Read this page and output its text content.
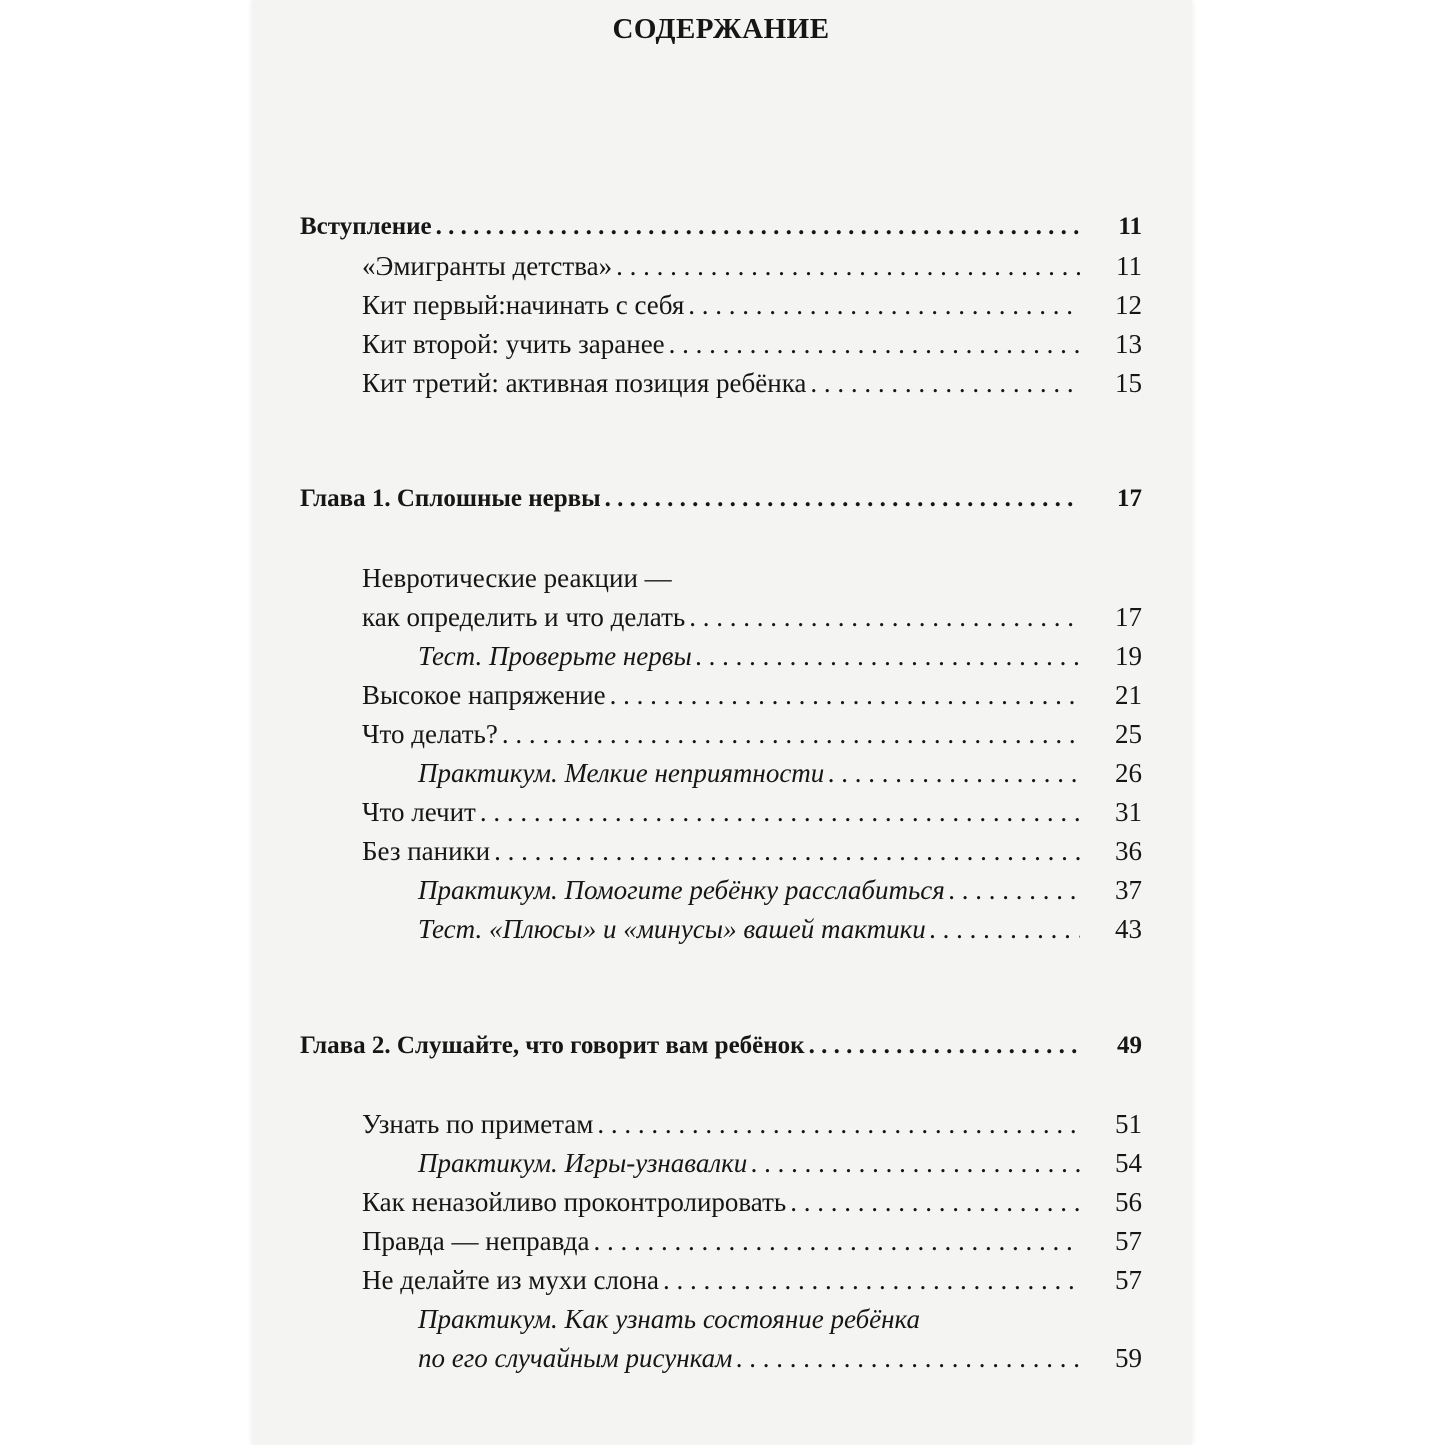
СОДЕРЖАНИЕ
Вступление . . .	11
«Эмигранты детства» . . .	11
Кит первый:начинать с себя . . .	12
Кит второй: учить заранее . . .	13
Кит третий: активная позиция ребёнка . . .	15
Глава 1. Сплошные нервы . . .	17
Невротические реакции —
как определить и что делать . . .	17
Тест. Проверьте нервы . . .	19
Высокое напряжение . . .	21
Что делать? . . .	25
Практикум. Мелкие неприятности . . .	26
Что лечит . . .	31
Без паники . . .	36
Практикум. Помогите ребёнку расслабиться . . .	37
Тест. «Плюсы» и «минусы» вашей тактики . . .	43
Глава 2. Слушайте, что говорит вам ребёнок . . .	49
Узнать по приметам . . .	51
Практикум. Игры-узнавалки . . .	54
Как неназойливо проконтролировать . . .	56
Правда — неправда . . .	57
Не делайте из мухи слона . . .	57
Практикум. Как узнать состояние ребёнка
по его случайным рисункам . . .	59
